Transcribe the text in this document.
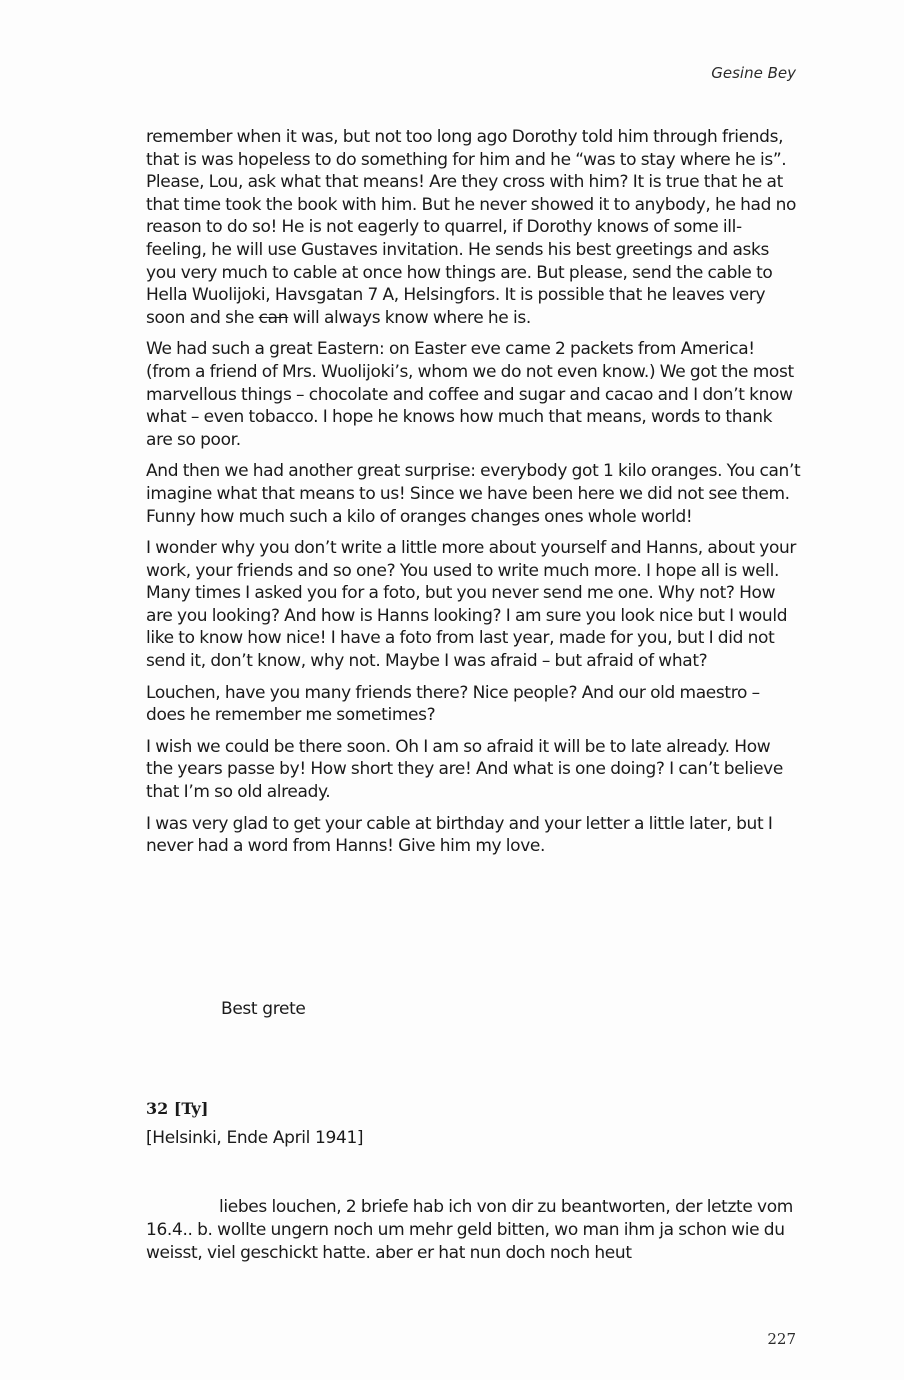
Gesine Bey

remember when it was, but not too long ago Dorothy told him through friends, that is was hopeless to do something for him and he “was to stay where he is”. Please, Lou, ask what that means! Are they cross with him? It is true that he at that time took the book with him. But he never showed it to anybody, he had no reason to do so! He is not eagerly to quarrel, if Dorothy knows of some ill-feeling, he will use Gustaves invitation. He sends his best greetings and asks you very much to cable at once how things are. But please, send the cable to Hella Wuolijoki, Havsgatan 7 A, Helsingfors. It is possible that he leaves very soon and she can will always know where he is.

We had such a great Eastern: on Easter eve came 2 packets from America! (from a friend of Mrs. Wuolijoki’s, whom we do not even know.) We got the most marvellous things – chocolate and coffee and sugar and cacao and I don’t know what – even tobacco. I hope he knows how much that means, words to thank are so poor.

And then we had another great surprise: everybody got 1 kilo oranges. You can’t imagine what that means to us! Since we have been here we did not see them. Funny how much such a kilo of oranges changes ones whole world!

I wonder why you don’t write a little more about yourself and Hanns, about your work, your friends and so one? You used to write much more. I hope all is well. Many times I asked you for a foto, but you never send me one. Why not? How are you looking? And how is Hanns looking? I am sure you look nice but I would like to know how nice! I have a foto from last year, made for you, but I did not send it, don’t know, why not. Maybe I was afraid – but afraid of what?

Louchen, have you many friends there? Nice people? And our old maestro – does he remember me sometimes?

I wish we could be there soon. Oh I am so afraid it will be to late already. How the years passe by! How short they are! And what is one doing? I can’t believe that I’m so old already.

I was very glad to get your cable at birthday and your letter a little later, but I never had a word from Hanns! Give him my love.

Best grete
32 [Ty]
[Helsinki, Ende April 1941]

liebes louchen, 2 briefe hab ich von dir zu beantworten, der letzte vom 16.4.. b. wollte ungern noch um mehr geld bitten, wo man ihm ja schon wie du weisst, viel geschickt hatte. aber er hat nun doch noch heut

227
